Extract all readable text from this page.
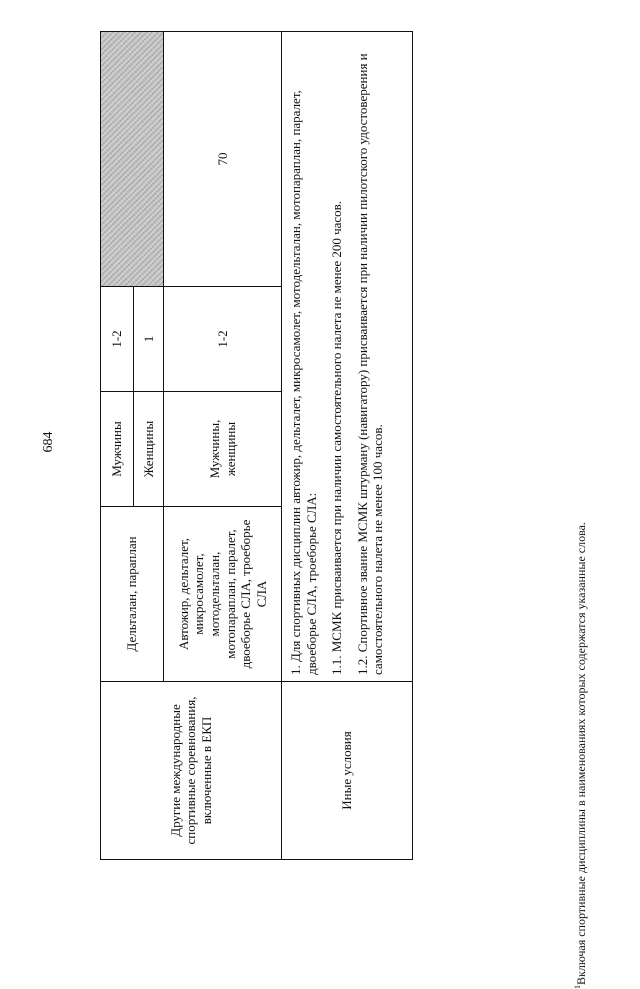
684
Другие международные спортивные соревнования, включенные в ЕКП	Дельталан, параплан	Мужчины	1-2	
		Женщины	1	
	Автожир, дельталет, микросамолет, мотодельталан, мотопараплан, паралет, двоеборье СЛА, троеборье СЛА	Мужчины, женщины	1-2	70
Иные условия	1. Для спортивных дисциплин автожир, дельталет, микросамолет, мотодельталан, мотопараплан, паралет, двоеборье СЛА, троеборье СЛА: 1.1. МСМК присваивается при наличии самостоятельного налета не менее 200 часов. 1.2. Спортивное звание МСМК штурману (навигатору) присваивается при наличии пилотского удостоверения и самостоятельного налета не менее 100 часов.			

$^1$Включая спортивные дисциплины в наименованиях которых содержатся указанные слова.
